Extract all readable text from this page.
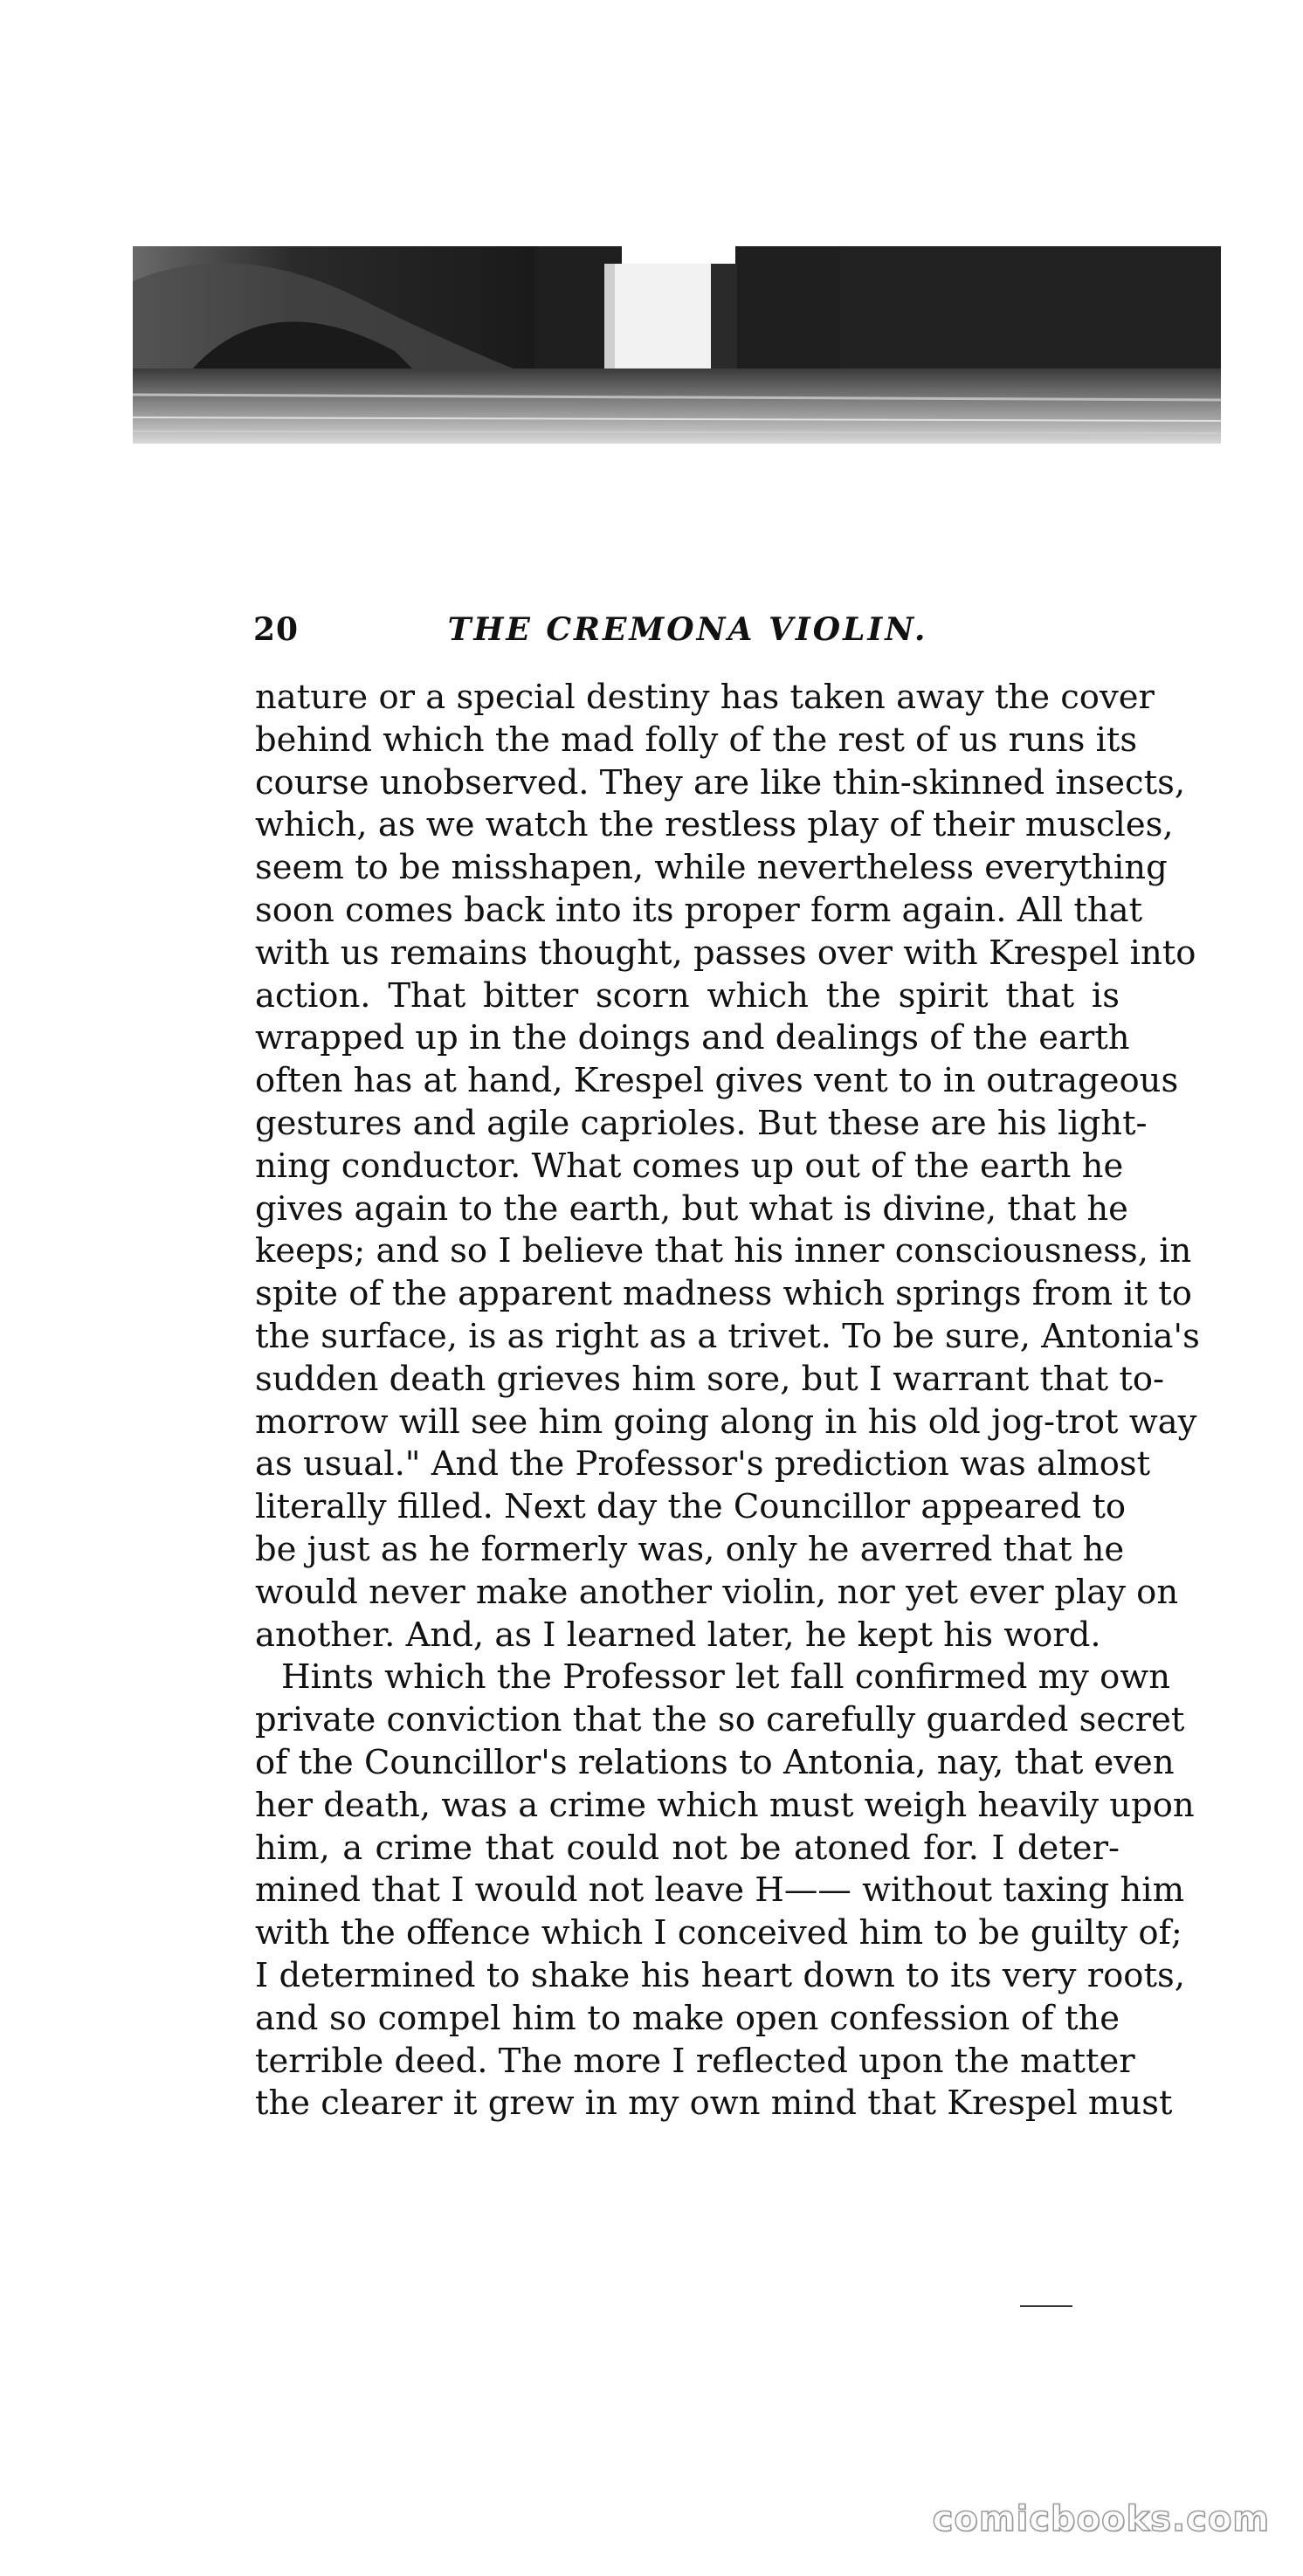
20	THE CREMONA VIOLIN.
nature or a special destiny has taken away the cover
behind which the mad folly of the rest of us runs its
course unobserved. They are like thin-skinned insects,
which, as we watch the restless play of their muscles,
seem to be misshapen, while nevertheless everything
soon comes back into its proper form again. All that
with us remains thought, passes over with Krespel into
action. That bitter scorn which the spirit that is
wrapped up in the doings and dealings of the earth
often has at hand, Krespel gives vent to in outrageous
gestures and agile caprioles. But these are his light-
ning conductor. What comes up out of the earth he
gives again to the earth, but what is divine, that he
keeps; and so I believe that his inner consciousness, in
spite of the apparent madness which springs from it to
the surface, is as right as a trivet. To be sure, Antonia's
sudden death grieves him sore, but I warrant that to-
morrow will see him going along in his old jog-trot way
as usual." And the Professor's prediction was almost
literally filled. Next day the Councillor appeared to
be just as he formerly was, only he averred that he
would never make another violin, nor yet ever play on
another. And, as I learned later, he kept his word.
Hints which the Professor let fall confirmed my own
private conviction that the so carefully guarded secret
of the Councillor's relations to Antonia, nay, that even
her death, was a crime which must weigh heavily upon
him, a crime that could not be atoned for. I deter-
mined that I would not leave H—— without taxing him
with the offence which I conceived him to be guilty of;
I determined to shake his heart down to its very roots,
and so compel him to make open confession of the
terrible deed. The more I reflected upon the matter
the clearer it grew in my own mind that Krespel must
comicbooks.com
